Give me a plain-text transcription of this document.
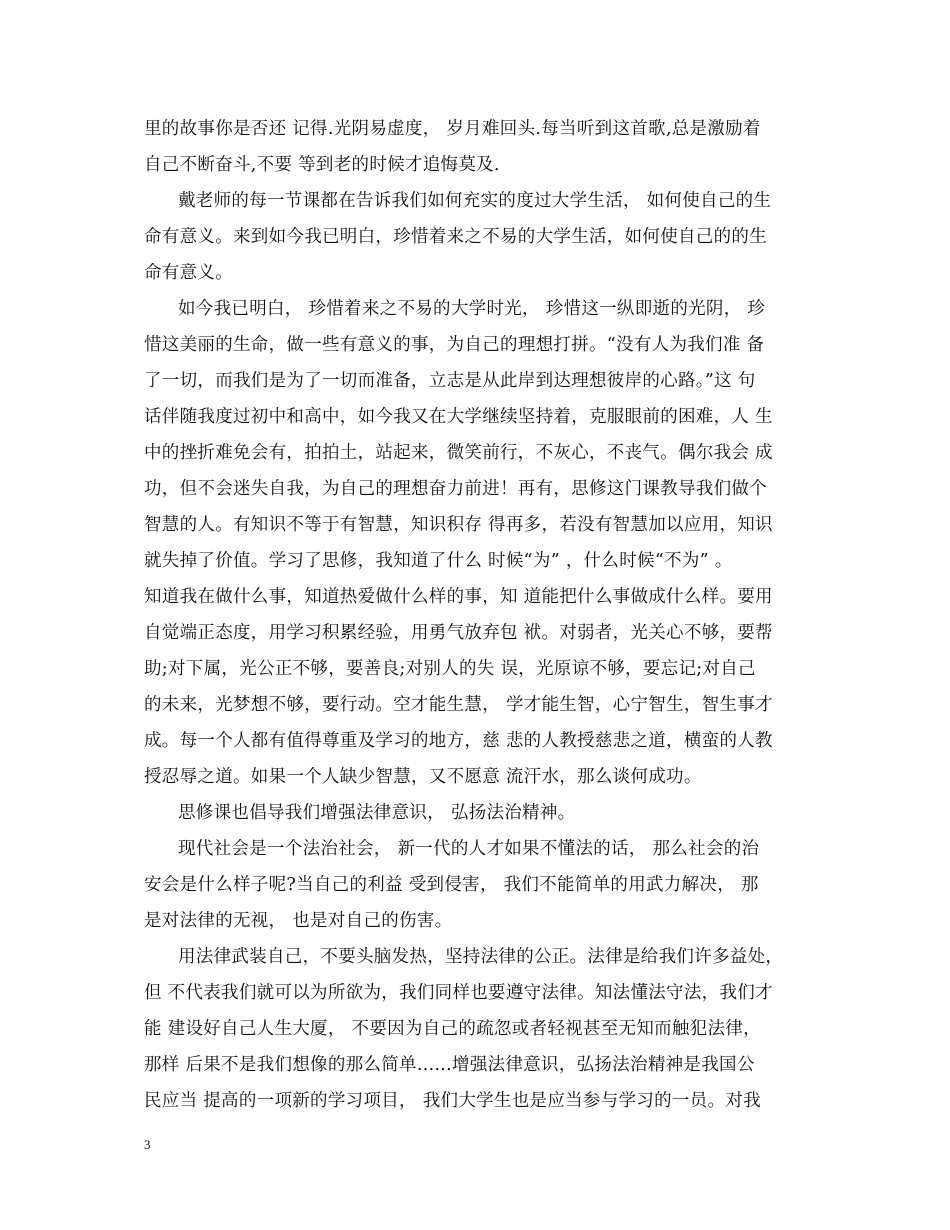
里的故事你是否还 记得.光阴易虚度， 岁月难回头.每当听到这首歌,总是激励着
自己不断奋斗,不要 等到老的时候才追悔莫及.
戴老师的每一节课都在告诉我们如何充实的度过大学生活， 如何使自己的生
命有意义。来到如今我已明白，珍惜着来之不易的大学生活，如何使自己的的生
命有意义。
如今我已明白， 珍惜着来之不易的大学时光， 珍惜这一纵即逝的光阴， 珍
惜这美丽的生命，做一些有意义的事，为自己的理想打拼。“没有人为我们准 备
了一切，而我们是为了一切而准备，立志是从此岸到达理想彼岸的心路。”这 句
话伴随我度过初中和高中，如今我又在大学继续坚持着，克服眼前的困难，人 生
中的挫折难免会有，拍拍土，站起来，微笑前行，不灰心，不丧气。偶尔我会 成
功，但不会迷失自我，为自己的理想奋力前进！再有，思修这门课教导我们做个
智慧的人。有知识不等于有智慧，知识积存 得再多，若没有智慧加以应用，知识
就失掉了价值。学习了思修，我知道了什么 时候“为” ，什么时候“不为” 。
知道我在做什么事，知道热爱做什么样的事，知 道能把什么事做成什么样。要用
自觉端正态度，用学习积累经验，用勇气放弃包 袱。对弱者，光关心不够，要帮
助;对下属，光公正不够，要善良;对别人的失 误，光原谅不够，要忘记;对自己
的未来，光梦想不够，要行动。空才能生慧， 学才能生智，心宁智生，智生事才
成。每一个人都有值得尊重及学习的地方，慈 悲的人教授慈悲之道，横蛮的人教
授忍辱之道。如果一个人缺少智慧，又不愿意 流汗水，那么谈何成功。
思修课也倡导我们增强法律意识， 弘扬法治精神。
现代社会是一个法治社会， 新一代的人才如果不懂法的话， 那么社会的治
安会是什么样子呢?当自己的利益 受到侵害， 我们不能简单的用武力解决， 那
是对法律的无视， 也是对自己的伤害。
用法律武装自己，不要头脑发热，坚持法律的公正。法律是给我们许多益处，
但 不代表我们就可以为所欲为，我们同样也要遵守法律。知法懂法守法，我们才
能 建设好自己人生大厦， 不要因为自己的疏忽或者轻视甚至无知而触犯法律，
那样 后果不是我们想像的那么简单......增强法律意识，弘扬法治精神是我国公
民应当 提高的一项新的学习项目， 我们大学生也是应当参与学习的一员。对我
3
